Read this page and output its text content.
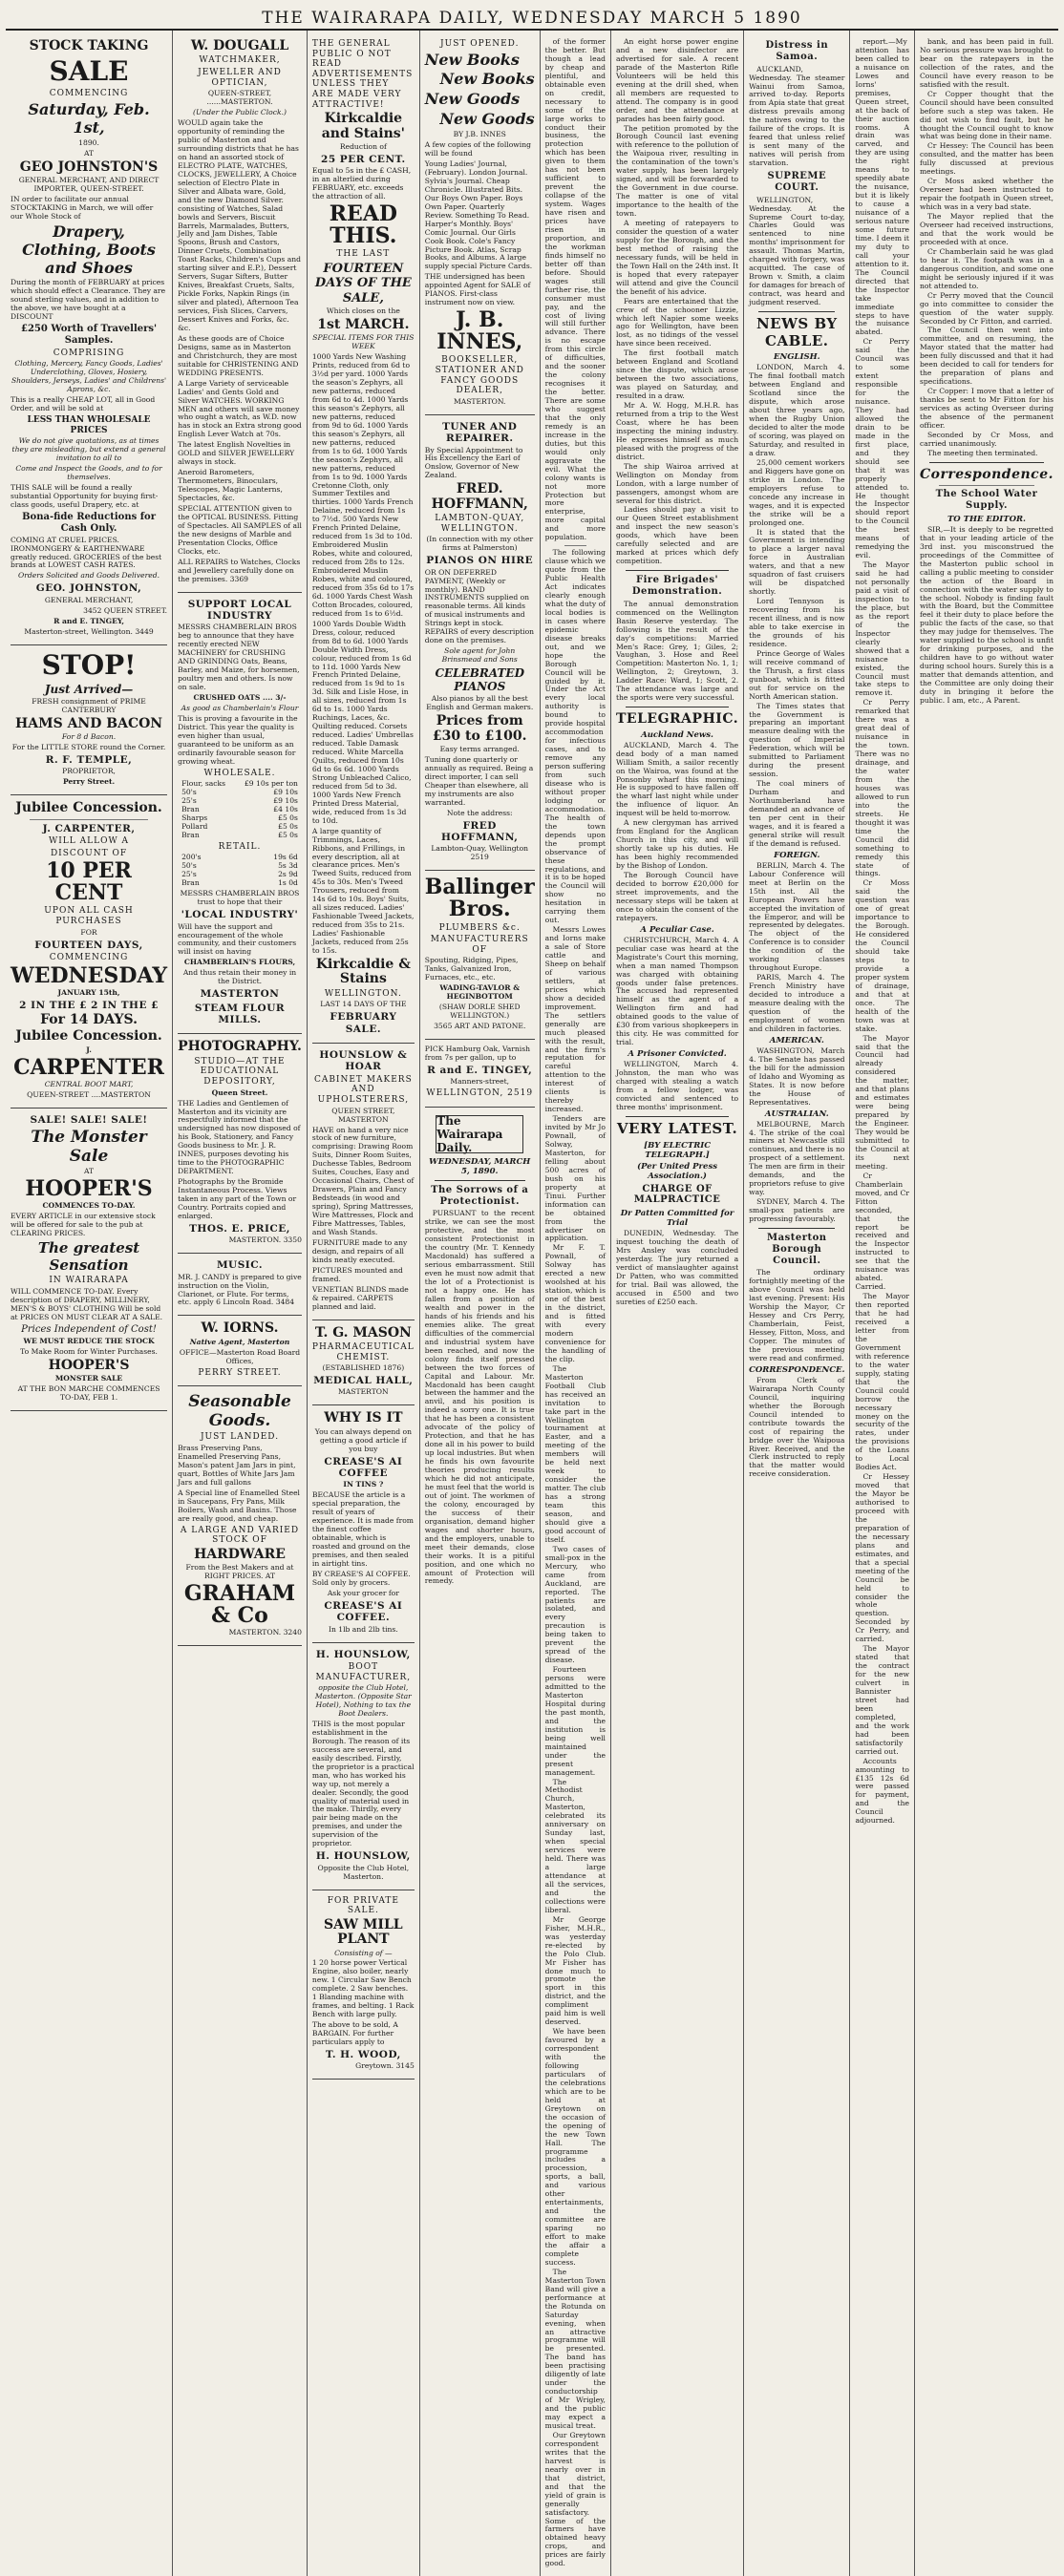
THE WAIRARAPA DAILY, WEDNESDAY MARCH 5 1890
STOCK TAKING
SALE

COMMENCING

Saturday, Feb. 1st,

1890.

AT

GEO JOHNSTON'S

GENERAL MERCHANT, AND DIRECT IMPORTER, QUEEN-STREET.

IN order to facilitate our annual STOCKTAKING in March, we will offer our Whole Stock of

Drapery, Clothing, Boots and Shoes

During the month of FEBRUARY at prices which should effect a Clearance. They are sound sterling values, and in addition to the above, we have bought at a DISCOUNT

£250 Worth of Travellers' Samples.

COMPRISING

Clothing, Mercery, Fancy Goods, Ladies' Underclothing, Gloves, Hosiery, Shoulders, Jerseys, Ladies' and Childrens' Aprons, &c.

This is a really CHEAP LOT, all in Good Order, and will be sold at

LESS THAN WHOLESALE PRICES

We do not give quotations, as at times they are misleading, but extend a general invitation to all to

Come and Inspect the Goods, and to for themselves.

THIS SALE will be found a really substantial Opportunity for buying first-class goods, useful Drapery, etc. at

Bona-fide Reductions for Cash Only.

COMING AT CRUEL PRICES. IRONMONGERY & EARTHENWARE greatly reduced. GROCERIES of the best brands at LOWEST CASH RATES.

Orders Solicited and Goods Delivered.

GEO. JOHNSTON,

GENERAL MERCHANT,

3452 QUEEN STREET.

R and E. TINGEY,

Masterton-street, Wellington. 3449

STOP!

Just Arrived—

FRESH consignment of PRIME CANTERBURY

HAMS AND BACON

For 8 d Bacon.

For the LITTLE STORE round the Corner.

R. F. TEMPLE,

PROPRIETOR,

Perry Street.

Jubilee Concession.
J. CARPENTER,

WILL ALLOW A

DISCOUNT OF

10 PER CENT

UPON ALL CASH PURCHASES

FOR

FOURTEEN DAYS,

COMMENCING

WEDNESDAY

JANUARY 15th,

2 IN THE £ 2 IN THE £
For 14 DAYS.
Jubilee Concession.

J.

CARPENTER

CENTRAL BOOT MART,

QUEEN-STREET ....MASTERTON

SALE! SALE! SALE!

The Monster Sale

AT

HOOPER'S

COMMENCES TO-DAY.

EVERY ARTICLE in our extensive stock will be offered for sale to the pub at CLEARING PRICES.

The greatest Sensation

IN WAIRARAPA

WILL COMMENCE TO-DAY. Every description of DRAPERY, MILLINERY, MEN'S & BOYS' CLOTHING Will be sold at PRICES ON MUST CLEAR AT A SALE.

Prices Independent of Cost!

WE MUST REDUCE THE STOCK

To Make Room for Winter Purchases.

HOOPER'S

MONSTER SALE

AT THE BON MARCHE COMMENCES TO-DAY, FEB 1.

W. DOUGALL

WATCHMAKER,

JEWELLER AND OPTICIAN,

QUEEN-STREET, ......MASTERTON.

(Under the Public Clock.)

WOULD again take the opportunity of reminding the public of Masterton and surrounding districts that he has on hand an assorted stock of ELECTRO PLATE, WATCHES, CLOCKS, JEWELLERY, A Choice selection of Electro Plate in Silver and Albata ware, Gold, and the new Diamond Silver. consisting of Watches, Salad bowls and Servers, Biscuit Barrels, Marmalades, Butters, Jelly and Jam Dishes, Table Spoons, Brush and Castors, Dinner Cruets, Combination Toast Racks, Children's Cups and starting silver and E.P.), Dessert Servers, Sugar Sifters, Butter Knives, Breakfast Cruets, Salts, Pickle Forks, Napkin Rings (in silver and plated), Afternoon Tea services, Fish Slices, Carvers, Dessert Knives and Forks, &c. &c.

As these goods are of Choice Designs, same as in Masterton and Christchurch, they are most suitable for CHRISTENING AND WEDDING PRESENTS.

A Large Variety of serviceable Ladies' and Gents Gold and Silver WATCHES. WORKING MEN and others will save money who ought a watch, as W.D. now has in stock an Extra strong good English Lever Watch at 70s.

The latest English Novelties in GOLD and SILVER JEWELLERY always in stock.

Aneroid Barometers, Thermometers, Binoculars, Telescopes, Magic Lanterns, Spectacles, &c.

SPECIAL ATTENTION given to the OPTICAL BUSINESS. Fitting of Spectacles. All SAMPLES of all the new designs of Marble and Presentation Clocks, Office Clocks, etc.

ALL REPAIRS to Watches, Clocks and Jewellery carefully done on the premises. 3369

SUPPORT LOCAL INDUSTRY

MESSRS CHAMBERLAIN BROS beg to announce that they have recently erected NEW MACHINERY for CRUSHING AND GRINDING Oats, Beans, Barley, and Maize, for horsemen, poultry men and others. Is now on sale.

CRUSHED OATS .... 3/-

As good as Chamberlain's Flour

This is proving a favourite in the District. This year the quality is even higher than usual, guaranteed to be uniform as an ordinarily favourable season for growing wheat.

WHOLESALE.

Flour, sacks	£9 10s per ton
50's	£9 10s
25's	£9 10s
Bran	£4 10s
Sharps	£5 0s
Pollard	£5 0s
Bran	£5 0s

RETAIL.

200's	19s 6d
50's	5s 3d
25's	2s 9d
Bran	1s 0d

MESSRS CHAMBERLAIN BROS trust to hope that their

'LOCAL INDUSTRY'

Will have the support and encouragement of the whole community, and their customers will insist on having

CHAMBERLAIN'S FLOURS,

And thus retain their money in the District.

MASTERTON
STEAM FLOUR MILLS.
PHOTOGRAPHY.

STUDIO—AT THE EDUCATIONAL DEPOSITORY,

Queen Street.

THE Ladies and Gentlemen of Masterton and its vicinity are respectfully informed that the undersigned has now disposed of his Book, Stationery, and Fancy Goods business to Mr. J. R. INNES, purposes devoting his time to the PHOTOGRAPHIC DEPARTMENT.

Photographs by the Bromide Instantaneous Process. Views taken in any part of the Town or Country. Portraits copied and enlarged.

THOS. E. PRICE,

MASTERTON. 3350

MUSIC.

MR. J. CANDY is prepared to give instruction on the Violin, Clarionet, or Flute. For terms, etc. apply 6 Lincoln Road. 3484

W. IORNS.

Native Agent, Masterton

OFFICE—Masterton Road Board Offices,

PERRY STREET.

Seasonable Goods.

JUST LANDED.

Brass Preserving Pans, Enamelled Preserving Pans, Mason's patent Jam Jars in pint, quart, Bottles of White Jars Jam Jars and full gallons

A Special line of Enamelled Steel in Saucepans, Fry Pans, Milk Boilers, Wash and Basins. Those are really good, and cheap.

A LARGE AND VARIED STOCK OF

HARDWARE

From the Best Makers and at RIGHT PRICES. AT

GRAHAM & Co

MASTERTON. 3240

THE GENERAL PUBLIC O NOT READ ADVERTISEMENTS UNLESS THEY ARE MADE VERY ATTRACTIVE!

Kirkcaldie and Stains'

Reduction of

25 PER CENT.

Equal to 5s in the £ CASH, in an alterlied during FEBRUARY, etc. exceeds the attraction of all.

READ THIS.

THE LAST

FOURTEEN DAYS OF THE SALE,

Which closes on the

1st MARCH.

SPECIAL ITEMS FOR THIS WEEK

1000 Yards New Washing Prints, reduced from 6d to 3½d per yard. 1000 Yards the season's Zephyrs, all new patterns, reduced from 6d to 4d. 1000 Yards this season's Zephyrs, all new patterns, reduced from 9d to 6d. 1000 Yards this season's Zephyrs, all new patterns, reduced from 1s to 6d. 1000 Yards the season's Zephyrs, all new patterns, reduced from 1s to 9d. 1000 Yards Cretonne Cloth, only Summer Textiles and thirties. 1000 Yards French Delaine, reduced from 1s to 7½d. 500 Yards New French Printed Delaine, reduced from 1s 3d to 10d. Embroidered Muslin Robes, white and coloured, reduced from 28s to 12s. Embroidered Muslin Robes, white and coloured, reduced from 35s 6d to 17s 6d. 1000 Yards Chest Wash Cotton Brocades, coloured, reduced from 1s to 6½d.

1000 Yards Double Width Dress, colour, reduced from 8d to 6d. 1000 Yards Double Width Dress, colour, reduced from 1s 6d to 11d. 1000 Yards New French Printed Delaine, reduced from 1s 9d to 1s 3d. Silk and Lisle Hose, in all sizes, reduced from 1s 6d to 1s. 1000 Yards Ruchings, Laces, &c. Quilting reduced. Corsets reduced. Ladies' Umbrellas reduced. Table Damask reduced. White Marcella Quilts, reduced from 10s 6d to 6s 6d. 1000 Yards Strong Unbleached Calico, reduced from 5d to 3d. 1000 Yards New French Printed Dress Material, wide, reduced from 1s 3d to 10d.

A large quantity of Trimmings, Laces, Ribbons, and Frillings, in every description, all at clearance prices. Men's Tweed Suits, reduced from 45s to 30s. Men's Tweed Trousers, reduced from 14s 6d to 10s. Boys' Suits, all sizes reduced. Ladies' Fashionable Tweed Jackets, reduced from 35s to 21s. Ladies' Fashionable Jackets, reduced from 25s to 15s.

Kirkcaldie & Stains

WELLINGTON.

LAST 14 DAYS OF THE

FEBRUARY SALE.
HOUNSLOW & HOAR

CABINET MAKERS AND UPHOLSTERERS,

QUEEN STREET, MASTERTON

HAVE on hand a very nice stock of new furniture, comprising: Drawing Room Suits, Dinner Room Suites, Duchesse Tables, Bedroom Suites, Couches, Easy and Occasional Chairs, Chest of Drawers, Plain and Fancy Bedsteads (in wood and spring), Spring Mattresses, Wire Mattresses, Flock and Fibre Mattresses, Tables, and Wash Stands.

FURNITURE made to any design, and repairs of all kinds neatly executed.

PICTURES mounted and framed.

VENETIAN BLINDS made & repaired. CARPETS planned and laid.

T. G. MASON

PHARMACEUTICAL CHEMIST.

(ESTABLISHED 1876)

MEDICAL HALL,

MASTERTON

WHY IS IT

You can always depend on getting a good article if you buy

CREASE'S AI COFFEE

IN TINS ?

BECAUSE the article is a special preparation, the result of years of experience. It is made from the finest coffee obtainable, which is roasted and ground on the premises, and then sealed in airtight tins.

BY CREASE'S AI COFFEE. Sold only by grocers.

Ask your grocer for

CREASE'S AI COFFEE.

In 1lb and 2lb tins.

H. HOUNSLOW,

BOOT MANUFACTURER,

opposite the Club Hotel, Masterton. (Opposite Star Hotel), Nothing to tax the Boot Dealers.

THIS is the most popular establishment in the Borough. The reason of its success are several, and easily described. Firstly, the proprietor is a practical man, who has worked his way up, not merely a dealer. Secondly, the good quality of material used in the make. Thirdly, every pair being made on the premises, and under the supervision of the proprietor.

H. HOUNSLOW,

Opposite the Club Hotel, Masterton.

FOR PRIVATE SALE.

SAW MILL PLANT

Consisting of —

1 20 horse power Vertical Engine, also boiler, nearly new. 1 Circular Saw Bench complete. 2 Saw benches. 1 Blanding machine with frames, and belting. 1 Rack Bench with large pully.

The above to be sold, A BARGAIN. For further particulars apply to

T. H. WOOD,

Greytown. 3145

JUST OPENED.

New Books

New Books

New Goods

New Goods

BY J.B. INNES

A few copies of the following will be found

Young Ladies' Journal, (February). London Journal. Sylvia's Journal. Cheap Chronicle. Illustrated Bits. Our Boys Own Paper. Boys Own Paper. Quarterly Review. Something To Read. Harper's Monthly. Boys' Comic Journal. Our Girls Cook Book. Cole's Fancy Picture Book. Atlas, Scrap Books, and Albums. A large supply special Picture Cards.

THE undersigned has been appointed Agent for SALE of PIANOS. First-class instrument now on view.

J. B. INNES,

BOOKSELLER, STATIONER AND FANCY GOODS DEALER,

MASTERTON.

TUNER AND REPAIRER.

By Special Appointment to His Excellency the Earl of Onslow, Governor of New Zealand.

FRED. HOFFMANN,

LAMBTON-QUAY, WELLINGTON.

(In connection with my other firms at Palmerston)

PIANOS ON HIRE

OR ON DEFERRED PAYMENT, (Weekly or monthly). BAND INSTRUMENTS supplied on reasonable terms. All kinds of musical instruments and Strings kept in stock. REPAIRS of every description done on the premises.

Sole agent for John Brinsmead and Sons

CELEBRATED PIANOS

Also pianos by all the best English and German makers.

Prices from £30 to £100.

Easy terms arranged.

Tuning done quarterly or annually as required. Being a direct importer, I can sell Cheaper than elsewhere, all my instruments are also warranted.

Note the address:

FRED HOFFMANN,

Lambton-Quay, Wellington 2519

Ballinger Bros.

PLUMBERS &c.

MANUFACTURERS OF

Spouting, Ridging, Pipes, Tanks, Galvanized Iron, Furnaces, etc., etc.

WADING-TAVLOR & HEGINBOTTOM

(SHAW DORLE SHED WELLINGTON.)

3565 ART AND PATONE.

PICK Hamburg Oak, Varnish from 7s per gallon, up to

R and E. TINGEY,

Manners-street,

WELLINGTON, 2519

The Wairarapa Daily.
WEDNESDAY, MARCH 5, 1890.
The Sorrows of a Protectionist.

PURSUANT to the recent strike, we can see the most protective, and the most consistent Protectionist in the country (Mr. T. Kennedy Macdonald) has suffered a serious embarrassment. Still even he must now admit that the lot of a Protectionist is not a happy one. He has fallen from a position of wealth and power in the hands of his friends and his enemies alike. The great difficulties of the commercial and industrial system have been reached, and now the colony finds itself pressed between the two forces of Capital and Labour. Mr. Macdonald has been caught between the hammer and the anvil, and his position is indeed a sorry one. It is true that he has been a consistent advocate of the policy of Protection, and that he has done all in his power to build up local industries. But when he finds his own favourite theories producing results which he did not anticipate, he must feel that the world is out of joint. The workmen of the colony, encouraged by the success of their organisation, demand higher wages and shorter hours, and the employers, unable to meet their demands, close their works. It is a pitiful position, and one which no amount of Protection will remedy.

of the former the better. But though a lead by cheap and plentiful, and obtainable even on credit, necessary to some of the large works to conduct their business, the protection which has been given to them has not been sufficient to prevent the collapse of the system. Wages have risen and prices have risen in proportion, and the workman finds himself no better off than before. Should wages still further rise, the consumer must pay, and the cost of living will still further advance. There is no escape from this circle of difficulties, and the sooner the colony recognises it the better. There are some who suggest that the only remedy is an increase in the duties, but this would only aggravate the evil. What the colony wants is not more Protection but more enterprise, more capital and more population.

The following clause which we quote from the Public Health Act indicates clearly enough what the duty of local bodies is in cases where epidemic disease breaks out, and we hope the Borough Council will be guided by it. Under the Act every local authority is bound to provide hospital accommodation for infectious cases, and to remove any person suffering from such disease who is without proper lodging or accommodation. The health of the town depends upon the prompt observance of these regulations, and it is to be hoped the Council will show no hesitation in carrying them out.

Messrs Lowes and Iorns make a sale of Store cattle and Sheep on behalf of various settlers, at prices which show a decided improvement. The settlers generally are much pleased with the result, and the firm's reputation for careful attention to the interest of clients is thereby increased.

Tenders are invited by Mr Jo Pownall, of Solway, Masterton, for felling about 500 acres of bush on his property at Tinui. Further information can be obtained from the advertiser on application.

Mr F. T. Pownall, of Solway has erected a new woolshed at his station, which is one of the best in the district, and is fitted with every modern convenience for the handling of the clip.

The Masterton Football Club has received an invitation to take part in the Wellington tournament at Easter, and a meeting of the members will be held next week to consider the matter. The club has a strong team this season, and should give a good account of itself.

Two cases of small-pox in the Mercury, who came from Auckland, are reported. The patients are isolated, and every precaution is being taken to prevent the spread of the disease.

Fourteen persons were admitted to the Masterton Hospital during the past month, and the institution is being well maintained under the present management.

The Methodist Church, Masterton, celebrated its anniversary on Sunday last, when special services were held. There was a large attendance at all the services, and the collections were liberal.

Mr George Fisher, M.H.R., was yesterday re-elected by the Polo Club. Mr Fisher has done much to promote the sport in this district, and the compliment paid him is well deserved.

We have been favoured by a correspondent with the following particulars of the celebrations which are to be held at Greytown on the occasion of the opening of the new Town Hall. The programme includes a procession, sports, a ball, and various other entertainments, and the committee are sparing no effort to make the affair a complete success.

The Masterton Town Band will give a performance at the Rotunda on Saturday evening, when an attractive programme will be presented. The band has been practising diligently of late under the conductorship of Mr Wrigley, and the public may expect a musical treat.

Our Greytown correspondent writes that the harvest is nearly over in that district, and that the yield of grain is generally satisfactory. Some of the farmers have obtained heavy crops, and prices are fairly good.

An eight horse power engine and a new disinfector are advertised for sale. A recent parade of the Masterton Rifle Volunteers will be held this evening at the drill shed, when all members are requested to attend. The company is in good order, and the attendance at parades has been fairly good.

The petition promoted by the Borough Council last evening with reference to the pollution of the Waipoua river, resulting in the contamination of the town's water supply, has been largely signed, and will be forwarded to the Government in due course. The matter is one of vital importance to the health of the town.

A meeting of ratepayers to consider the question of a water supply for the Borough, and the best method of raising the necessary funds, will be held in the Town Hall on the 24th inst. It is hoped that every ratepayer will attend and give the Council the benefit of his advice.

Fears are entertained that the crew of the schooner Lizzie, which left Napier some weeks ago for Wellington, have been lost, as no tidings of the vessel have since been received.

The first football match between England and Scotland since the dispute, which arose between the two associations, was played on Saturday, and resulted in a draw.

Mr A. W. Hogg, M.H.R. has returned from a trip to the West Coast, where he has been inspecting the mining industry. He expresses himself as much pleased with the progress of the district.

The ship Wairoa arrived at Wellington on Monday from London, with a large number of passengers, amongst whom are several for this district.

Ladies should pay a visit to our Queen Street establishment and inspect the new season's goods, which have been carefully selected and are marked at prices which defy competition.

Fire Brigades' Demonstration.

The annual demonstration commenced on the Wellington Basin Reserve yesterday. The following is the result of the day's competitions: Married Men's Race: Grey, 1; Giles, 2; Vaughan, 3. Hose and Reel Competition: Masterton No. 1, 1; Wellington, 2; Greytown, 3. Ladder Race: Ward, 1; Scott, 2. The attendance was large and the sports were very successful.

TELEGRAPHIC.
Auckland News.

AUCKLAND, March 4. The dead body of a man named William Smith, a sailor recently on the Wairoa, was found at the Ponsonby wharf this morning. He is supposed to have fallen off the wharf last night while under the influence of liquor. An inquest will be held to-morrow.

A new clergyman has arrived from England for the Anglican Church in this city, and will shortly take up his duties. He has been highly recommended by the Bishop of London.

The Borough Council have decided to borrow £20,000 for street improvements, and the necessary steps will be taken at once to obtain the consent of the ratepayers.

A Peculiar Case.

CHRISTCHURCH, March 4. A peculiar case was heard at the Magistrate's Court this morning, when a man named Thompson was charged with obtaining goods under false pretences. The accused had represented himself as the agent of a Wellington firm and had obtained goods to the value of £30 from various shopkeepers in this city. He was committed for trial.

A Prisoner Convicted.

WELLINGTON, March 4. Johnston, the man who was charged with stealing a watch from a fellow lodger, was convicted and sentenced to three months' imprisonment.

VERY LATEST.
[BY ELECTRIC TELEGRAPH.]
(Per United Press Association.)
CHARGE OF MALPRACTICE
Dr Patten Committed for Trial

DUNEDIN, Wednesday. The inquest touching the death of Mrs Ansley was concluded yesterday. The jury returned a verdict of manslaughter against Dr Patten, who was committed for trial. Bail was allowed, the accused in £500 and two sureties of £250 each.

Distress in Samoa.

AUCKLAND, Wednesday. The steamer Wainui from Samoa, arrived to-day. Reports from Apia state that great distress prevails among the natives owing to the failure of the crops. It is feared that unless relief is sent many of the natives will perish from starvation.

SUPREME COURT.

WELLINGTON, Wednesday. At the Supreme Court to-day, Charles Gould was sentenced to nine months' imprisonment for assault. Thomas Martin, charged with forgery, was acquitted. The case of Brown v. Smith, a claim for damages for breach of contract, was heard and judgment reserved.

NEWS BY CABLE.
ENGLISH.

LONDON, March 4. The final football match between England and Scotland since the dispute, which arose about three years ago, when the Rugby Union decided to alter the mode of scoring, was played on Saturday, and resulted in a draw.

25,000 cement workers and Riggers have gone on strike in London. The employers refuse to concede any increase in wages, and it is expected the strike will be a prolonged one.

It is stated that the Government is intending to place a larger naval force in Australian waters, and that a new squadron of fast cruisers will be dispatched shortly.

Lord Tennyson is recovering from his recent illness, and is now able to take exercise in the grounds of his residence.

Prince George of Wales will receive command of the Thrush, a first class gunboat, which is fitted out for service on the North American station.

The Times states that the Government is preparing an important measure dealing with the question of Imperial Federation, which will be submitted to Parliament during the present session.

The coal miners of Durham and Northumberland have demanded an advance of ten per cent in their wages, and it is feared a general strike will result if the demand is refused.

FOREIGN.

BERLIN, March 4. The Labour Conference will meet at Berlin on the 15th inst. All the European Powers have accepted the invitation of the Emperor, and will be represented by delegates. The object of the Conference is to consider the condition of the working classes throughout Europe.

PARIS, March 4. The French Ministry have decided to introduce a measure dealing with the question of the employment of women and children in factories.

AMERICAN.

WASHINGTON, March 4. The Senate has passed the bill for the admission of Idaho and Wyoming as States. It is now before the House of Representatives.

AUSTRALIAN.

MELBOURNE, March 4. The strike of the coal miners at Newcastle still continues, and there is no prospect of a settlement. The men are firm in their demands, and the proprietors refuse to give way.

SYDNEY, March 4. The small-pox patients are progressing favourably.

Masterton Borough Council.

The ordinary fortnightly meeting of the above Council was held last evening. Present: His Worship the Mayor, Cr Hessey and Crs Perry, Chamberlain, Feist, Hessey, Fitton, Moss, and Copper. The minutes of the previous meeting were read and confirmed.

CORRESPONDENCE.

From Clerk of Wairarapa North County Council, inquiring whether the Borough Council intended to contribute towards the cost of repairing the bridge over the Waipoua River. Received, and the Clerk instructed to reply that the matter would receive consideration.

report.—My attention has been called to a nuisance on Lowes and Iorns' premises, Queen street, at the back of their auction rooms. A drain was carved, and they are using the right means to speedily abate the nuisance, but it is likely to cause a nuisance of a serious nature some future time. I deem it my duty to call your attention to it. The Council directed that the Inspector take immediate steps to have the nuisance abated.

Cr Perry said the Council was to some extent responsible for the nuisance. They had allowed the drain to be made in the first place, and they should see that it was properly attended to. He thought the Inspector should report to the Council the best means of remedying the evil.

The Mayor said he had not personally paid a visit of inspection to the place, but as the report of the Inspector clearly showed that a nuisance existed, the Council must take steps to remove it.

Cr Perry remarked that there was a great deal of nuisance in the town. There was no drainage, and the water from the houses was allowed to run into the streets. He thought it was time the Council did something to remedy this state of things.

Cr Moss said the question was one of great importance to the Borough. He considered the Council should take steps to provide a proper system of drainage, and that at once. The health of the town was at stake.

The Mayor said that the Council had already considered the matter, and that plans and estimates were being prepared by the Engineer. They would be submitted to the Council at its next meeting.

Cr Chamberlain moved, and Cr Fitton seconded, that the report be received and the Inspector instructed to see that the nuisance was abated. Carried.

The Mayor then reported that he had received a letter from the Government with reference to the water supply, stating that the Council could borrow the necessary money on the security of the rates, under the provisions of the Loans to Local Bodies Act.

Cr Hessey moved that the Mayor be authorised to proceed with the preparation of the necessary plans and estimates, and that a special meeting of the Council be held to consider the whole question. Seconded by Cr Perry, and carried.

The Mayor stated that the contract for the new culvert in Bannister street had been completed, and the work had been satisfactorily carried out.

Accounts amounting to £135 12s 6d were passed for payment, and the Council adjourned.

bank, and has been paid in full. No serious pressure was brought to bear on the ratepayers in the collection of the rates, and the Council have every reason to be satisfied with the result.

Cr Copper thought that the Council should have been consulted before such a step was taken. He did not wish to find fault, but he thought the Council ought to know what was being done in their name.

Cr Hessey: The Council has been consulted, and the matter has been fully discussed at previous meetings.

Cr Moss asked whether the Overseer had been instructed to repair the footpath in Queen street, which was in a very bad state.

The Mayor replied that the Overseer had received instructions, and that the work would be proceeded with at once.

Cr Chamberlain said he was glad to hear it. The footpath was in a dangerous condition, and some one might be seriously injured if it was not attended to.

Cr Perry moved that the Council go into committee to consider the question of the water supply. Seconded by Cr Fitton, and carried.

The Council then went into committee, and on resuming, the Mayor stated that the matter had been fully discussed and that it had been decided to call for tenders for the preparation of plans and specifications.

Cr Copper: I move that a letter of thanks be sent to Mr Fitton for his services as acting Overseer during the absence of the permanent officer.

Seconded by Cr Moss, and carried unanimously.

The meeting then terminated.

Correspondence.
The School Water Supply.
TO THE EDITOR.

SIR,—It is deeply to be regretted that in your leading article of the 3rd inst. you misconstrued the proceedings of the Committee of the Masterton public school in calling a public meeting to consider the action of the Board in connection with the water supply to the school. Nobody is finding fault with the Board, but the Committee feel it their duty to place before the public the facts of the case, so that they may judge for themselves. The water supplied to the school is unfit for drinking purposes, and the children have to go without water during school hours. Surely this is a matter that demands attention, and the Committee are only doing their duty in bringing it before the public. I am, etc., A Parent.
